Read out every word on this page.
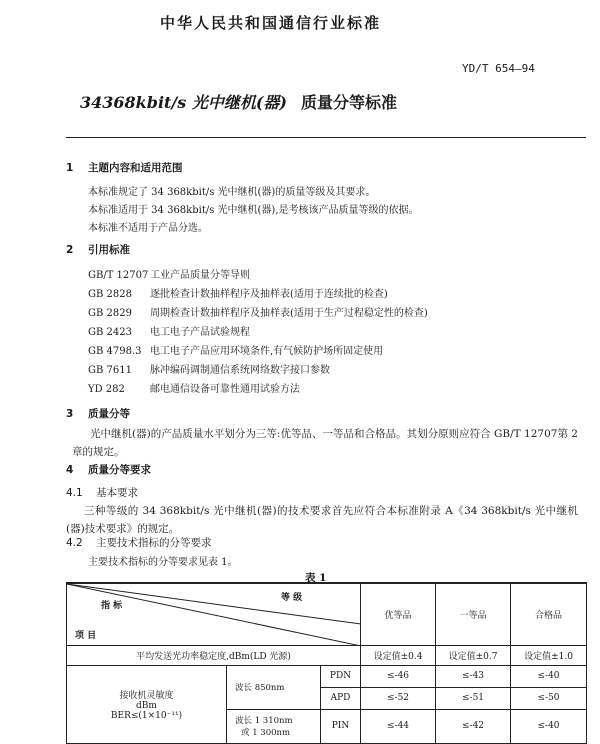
中华人民共和国通信行业标准
YD/T 654—94
34368kbit/s 光中继机(器) 质量分等标准
1 主题内容和适用范围
本标准规定了 34 368kbit/s 光中继机(器)的质量等级及其要求。
本标准适用于 34 368kbit/s 光中继机(器),是考核该产品质量等级的依据。
本标准不适用于产品分选。
2 引用标准
GB/T 12707 工业产品质量分等导则
GB 2828 逐批检查计数抽样程序及抽样表(适用于连续批的检查)
GB 2829 周期检查计数抽样程序及抽样表(适用于生产过程稳定性的检查)
GB 2423 电工电子产品试验规程
GB 4798.3 电工电子产品应用环境条件,有气候防护场所固定使用
GB 7611 脉冲编码调制通信系统网络数字接口参数
YD 282	邮电通信设备可靠性通用试验方法
3 质量分等
光中继机(器)的产品质量水平划分为三等:优等品、一等品和合格品。其划分原则应符合 GB/T 12707第 2 章的规定。
4 质量分等要求
4.1 基本要求
三种等级的 34 368kbit/s 光中继机(器)的技术要求首先应符合本标准附录 A《34 368kbit/s 光中继机(器)技术要求》的规定。
4.2 主要技术指标的分等要求
主要技术指标的分等要求见表 1。
表 1
等 级
指 标
项 目			优等品	一等品	合格品
平均发送光功率稳定度,dBm(LD 光源)			设定值±0.4	设定值±0.7	设定值±1.0

接收机灵敏度
dBm
BER≤(1×10⁻¹¹)	波长 850nm	PDN	≤-46	≤-43	≤-40
		APD	≤-52	≤-51	≤-50

	波长 1 310nm
或 1 300nm	PIN	≤-44	≤-42	≤-40
